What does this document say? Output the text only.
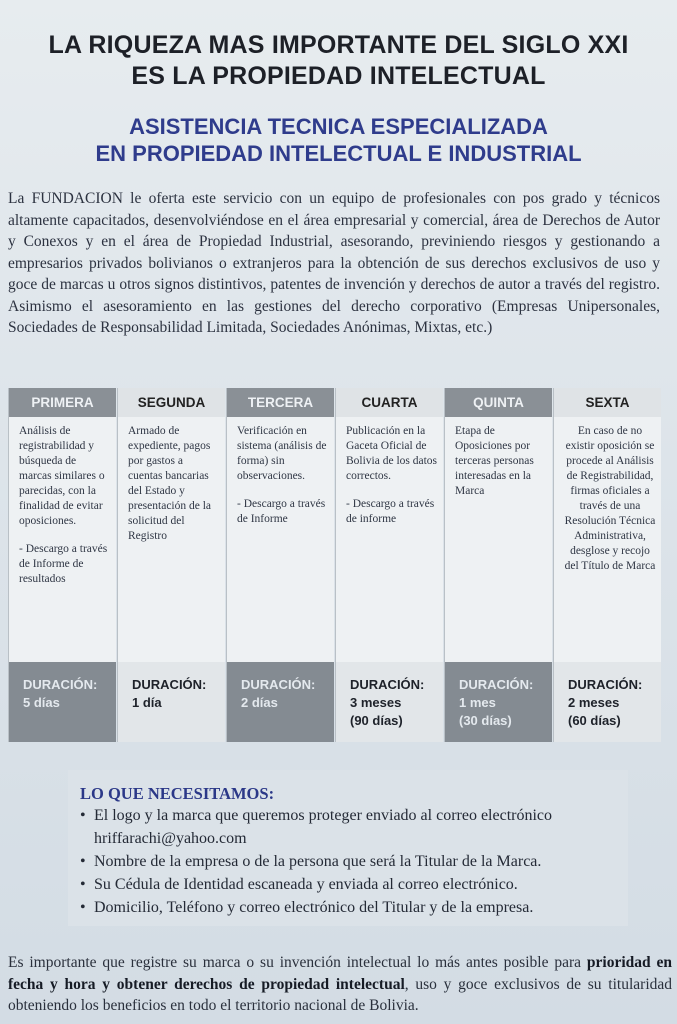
LA RIQUEZA MAS IMPORTANTE DEL SIGLO XXI
ES LA PROPIEDAD INTELECTUAL
ASISTENCIA TECNICA ESPECIALIZADA
EN PROPIEDAD INTELECTUAL E INDUSTRIAL
La FUNDACION le oferta este servicio con un equipo de profesionales con pos grado y técnicos altamente capacitados, desenvolviéndose en el área empresarial y comercial, área de Derechos de Autor y Conexos y en el área de Propiedad Industrial, asesorando, previniendo riesgos y gestionando a empresarios privados bolivianos o extranjeros para la obtención de sus derechos exclusivos de uso y goce de marcas u otros signos distintivos, patentes de invención y derechos de autor a través del registro. Asimismo el asesoramiento en las gestiones del derecho corporativo (Empresas Unipersonales, Sociedades de Responsabilidad Limitada, Sociedades Anónimas, Mixtas, etc.)
PRIMERA

Análisis de registrabilidad y búsqueda de marcas similares o parecidas, con la finalidad de evitar oposiciones.

- Descargo a través de Informe de resultados

DURACIÓN:
5 días
SEGUNDA

Armado de expediente, pagos por gastos a cuentas bancarias del Estado y presentación de la solicitud del Registro

DURACIÓN:
1 día
TERCERA

Verificación en sistema (análisis de forma) sin observaciones.

- Descargo a través de Informe

DURACIÓN:
2 días
CUARTA

Publicación en la Gaceta Oficial de Bolivia de los datos correctos.

- Descargo a través de informe

DURACIÓN:
3 meses
(90 días)
QUINTA

Etapa de Oposiciones por terceras personas interesadas en la Marca

DURACIÓN:
1 mes
(30 días)
SEXTA

En caso de no existir oposición se procede al Análisis de Registrabilidad, firmas oficiales a través de una Resolución Técnica Administrativa, desglose y recojo del Título de Marca

DURACIÓN:
2 meses
(60 días)
LO QUE NECESITAMOS:
• El logo y la marca que queremos proteger enviado al correo electrónico hriffarachi@yahoo.com
• Nombre de la empresa o de la persona que será la Titular de la Marca.
• Su Cédula de Identidad escaneada y enviada al correo electrónico.
• Domicilio, Teléfono y correo electrónico del Titular y de la empresa.
Es importante que registre su marca o su invención intelectual lo más antes posible para prioridad en fecha y hora y obtener derechos de propiedad intelectual, uso y goce exclusivos de su titularidad obteniendo los beneficios en todo el territorio nacional de Bolivia.
